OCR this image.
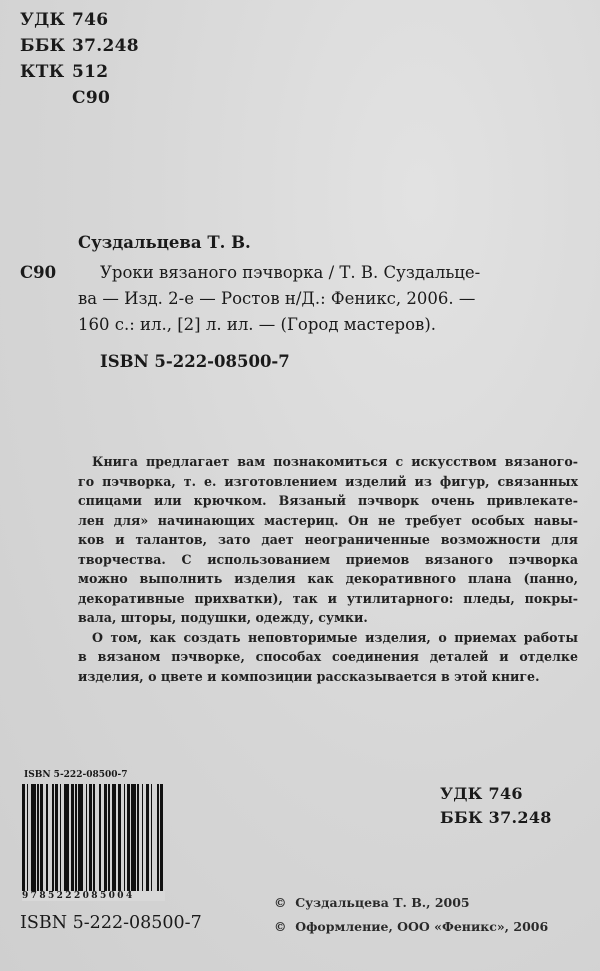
УДК 746
ББК 37.248
КТК 512
С90
Суздальцева Т. В.
С90	Уроки вязаного пэчворка / Т. В. Суздальце-
ва — Изд. 2-е — Ростов н/Д.: Феникс, 2006. —
160 с.: ил., [2] л. ил. — (Город мастеров).
ISBN 5-222-08500-7
Книга предлагает вам познакомиться с искусством вязаного-
го пэчворка, т. е. изготовлением изделий из фигур, связанных
спицами или крючком. Вязаный пэчворк очень привлекате-
лен для» начинающих мастериц. Он не требует особых навы-
ков и талантов, зато дает неограниченные возможности для
творчества. С использованием приемов вязаного пэчворка
можно выполнить изделия как декоративного плана (панно,
декоративные прихватки), так и утилитарного: пледы, покры-
вала, шторы, подушки, одежду, сумки.
О том, как создать неповторимые изделия, о приемах работы
в вязаном пэчворке, способах соединения деталей и отделке
изделия, о цвете и композиции рассказывается в этой книге.
ISBN 5-222-08500-7
9785222085004
ISBN 5-222-08500-7
УДК 746
ББК 37.248
© Суздальцева Т. В., 2005
© Оформление, ООО «Феникс», 2006
